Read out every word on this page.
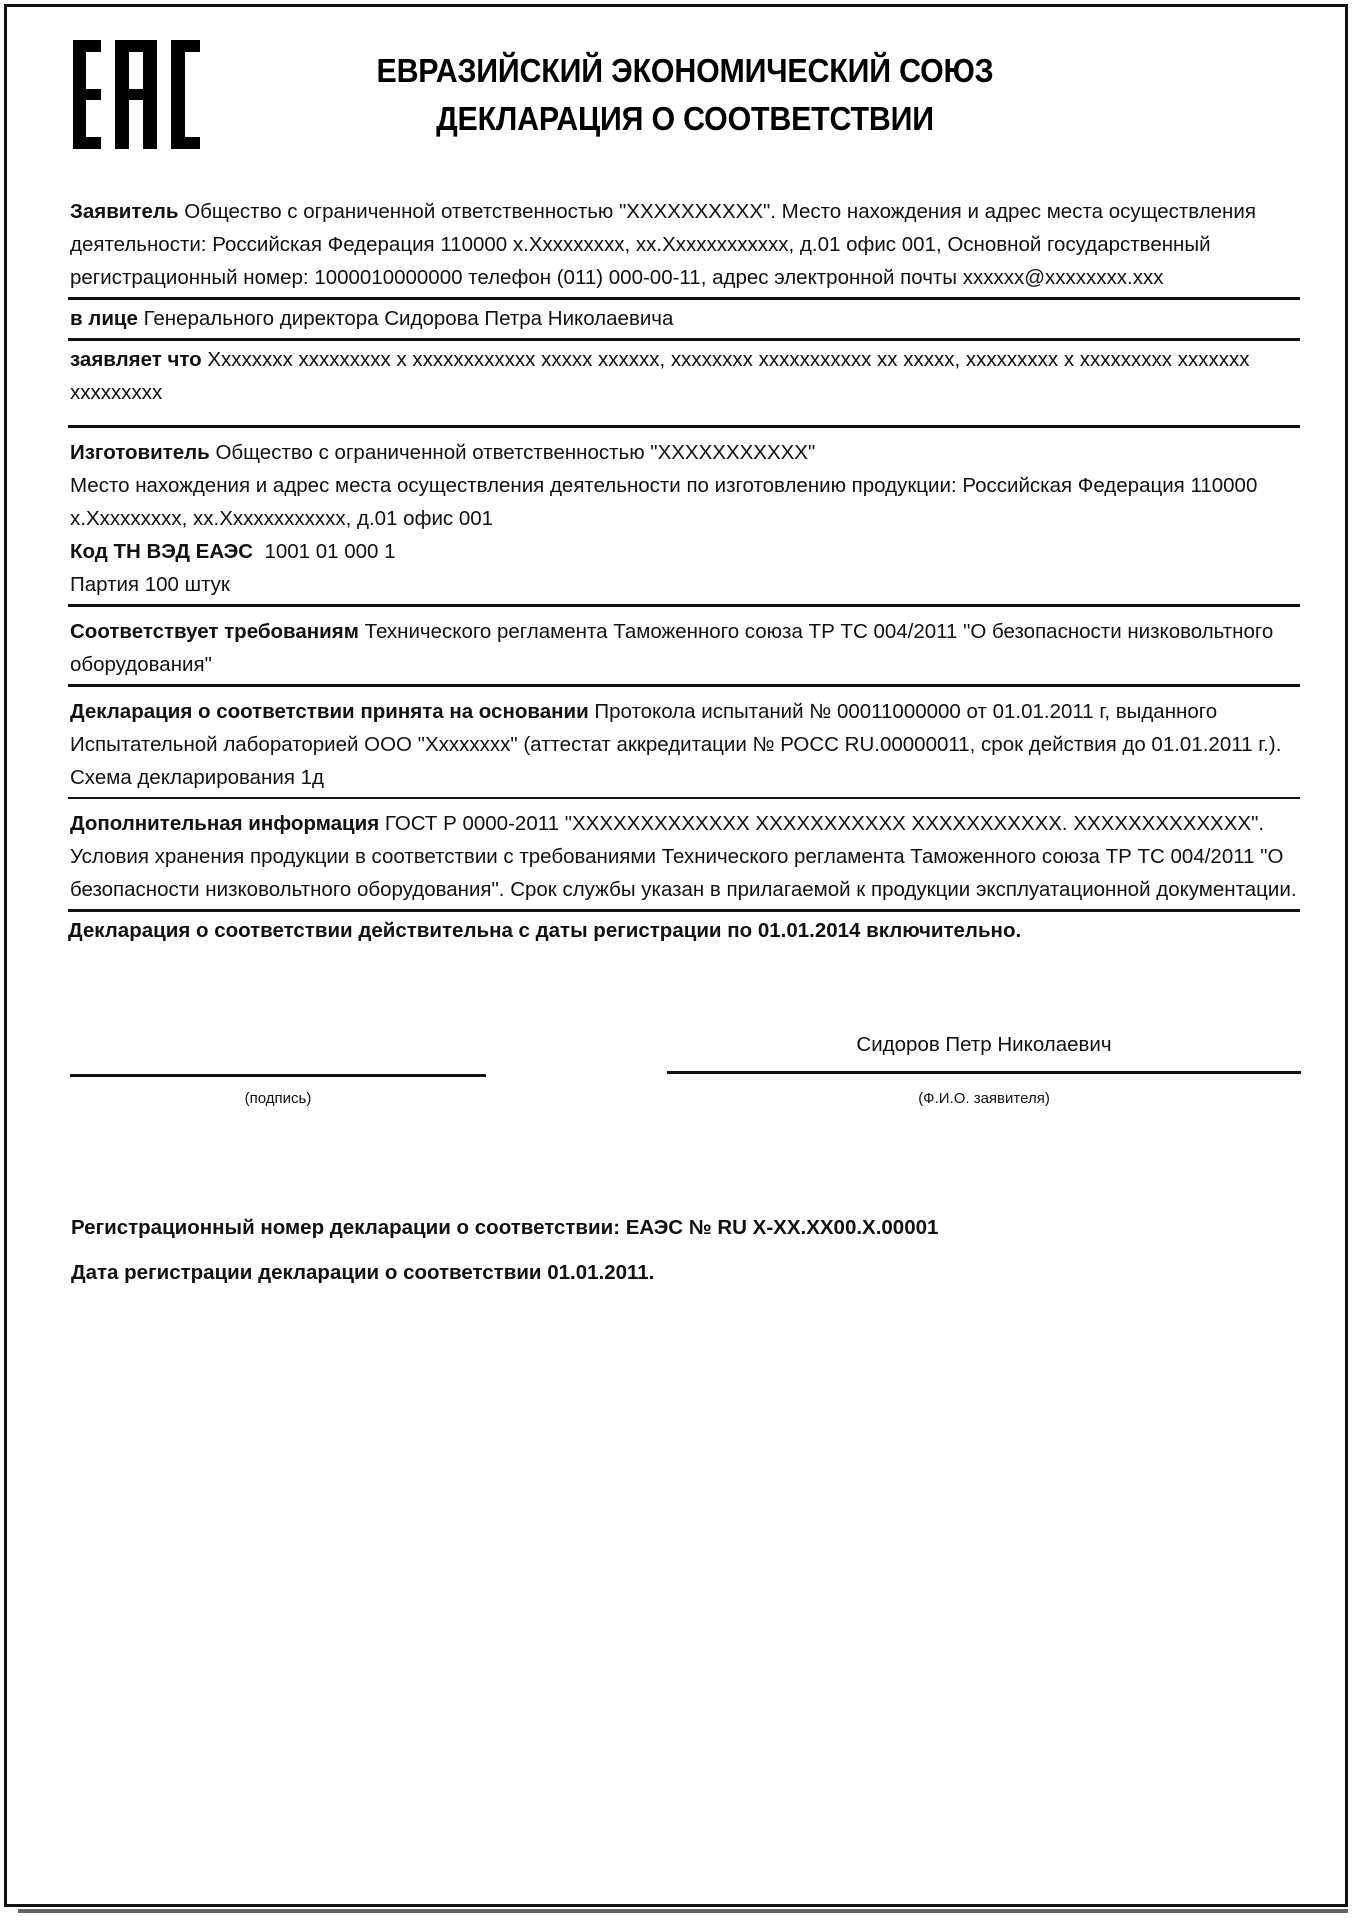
ЕВРАЗИЙСКИЙ ЭКОНОМИЧЕСКИЙ СОЮЗ
ДЕКЛАРАЦИЯ О СООТВЕТСТВИИ

Заявитель Общество с ограниченной ответственностью "XXXXXXXXXX". Место нахождения и адрес места осуществления деятельности: Российская Федерация 110000 х.Ххххххххх, хх.Хххххххххххх, д.01 офис 001, Основной государственный регистрационный номер: 1000010000000 телефон (011) 000-00-11, адрес электронной почты хххххх@хххххххх.ххх

в лице Генерального директора Сидорова Петра Николаевича

заявляет что Хххххххх ххххххххх х хххххххххххх ххххх хххххх, хххххххх ххххххххххх хх ххххх, ххххххххх х ххххххххх ххххххх ххххххххх

Изготовитель Общество с ограниченной ответственностью "XXXXXXXXXXX"

Место нахождения и адрес места осуществления деятельности по изготовлению продукции: Российская Федерация 110000 х.Ххххххххх, хх.Хххххххххххх, д.01 офис 001

Код ТН ВЭД ЕАЭС 1001 01 000 1

Партия 100 штук

Соответствует требованиям Технического регламента Таможенного союза ТР ТС 004/2011 "О безопасности низковольтного оборудования"

Декларация о соответствии принята на основании Протокола испытаний № 00011000000 от 01.01.2011 г, выданного Испытательной лабораторией ООО "Хххххххх" (аттестат аккредитации № РОСС RU.00000011, срок действия до 01.01.2011 г.). Схема декларирования 1д

Дополнительная информация ГОСТ Р 0000-2011 "XXXXXXXXXXXXX XXXXXXXXXXX XXXXXXXXXXX. XXXXXXXXXXXXX". Условия хранения продукции в соответствии с требованиями Технического регламента Таможенного союза ТР ТС 004/2011 "О безопасности низковольтного оборудования". Срок службы указан в прилагаемой к продукции эксплуатационной документации.

Декларация о соответствии действительна с даты регистрации по 01.01.2014 включительно.
Сидоров Петр Николаевич
(подпись)	(Ф.И.О. заявителя)
Регистрационный номер декларации о соответствии: ЕАЭС № RU X-XX.XX00.X.00001
Дата регистрации декларации о соответствии 01.01.2011.
